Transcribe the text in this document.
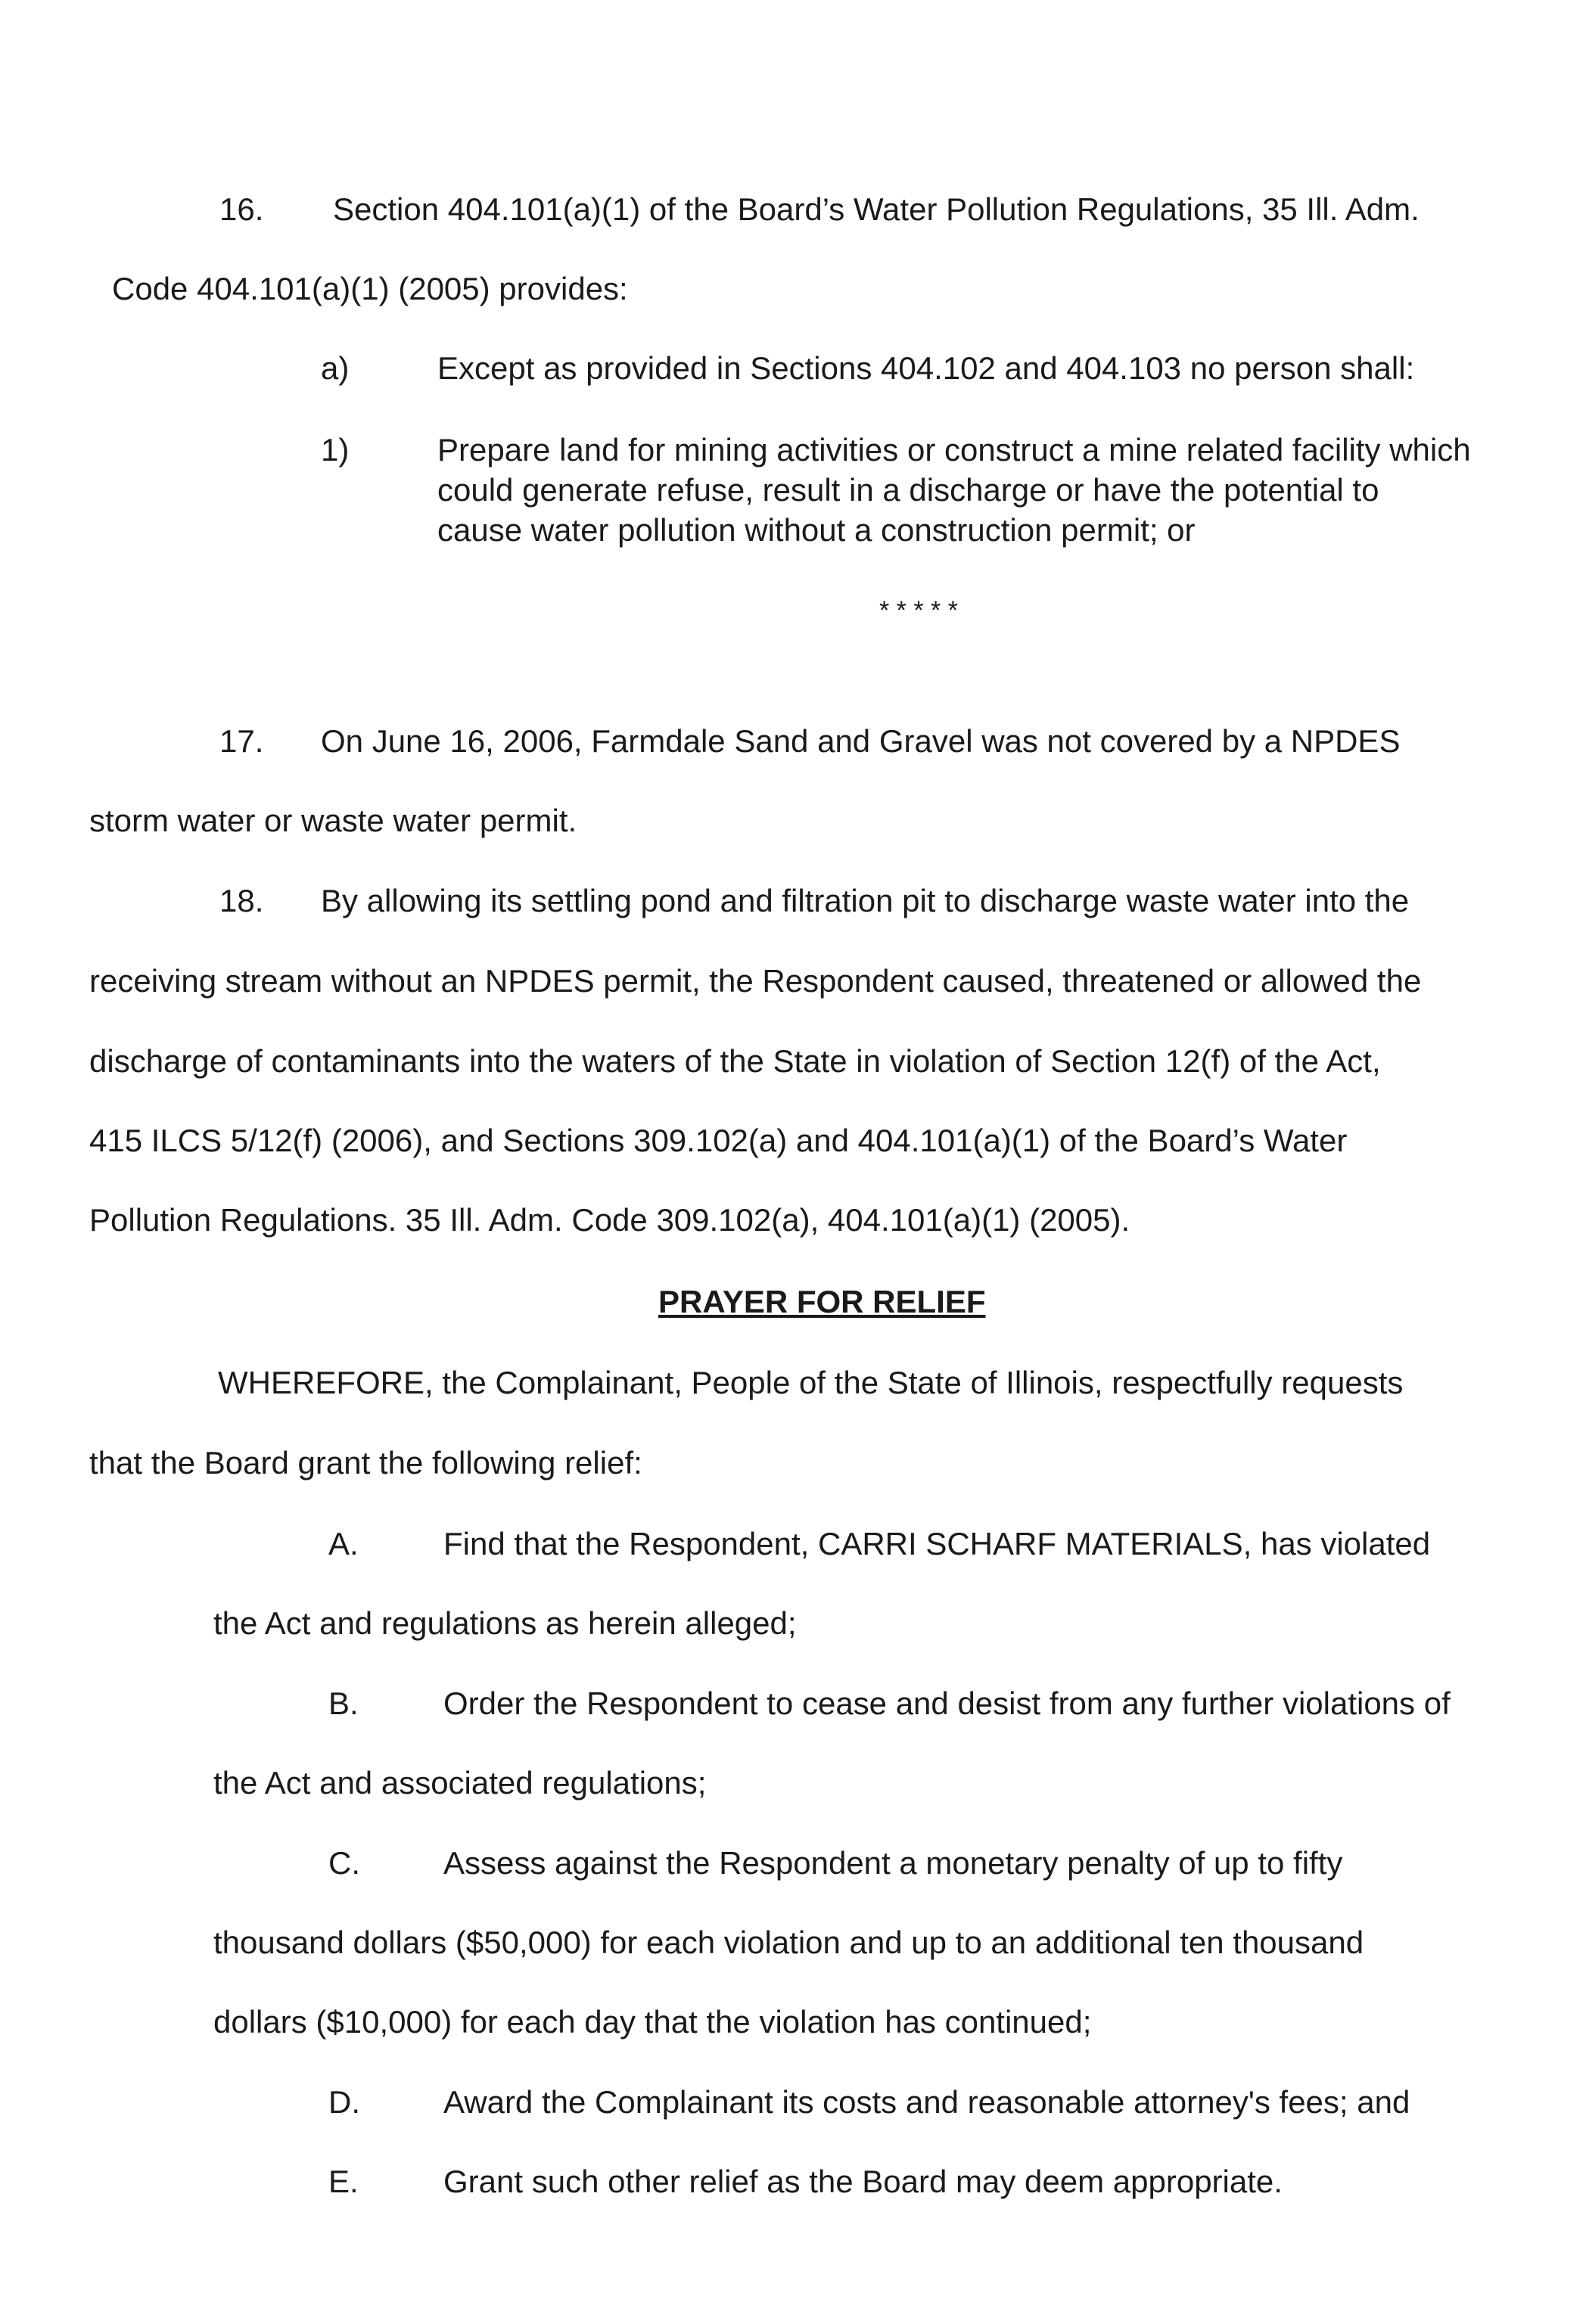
16. Section 404.101(a)(1) of the Board’s Water Pollution Regulations, 35 Ill. Adm.
Code 404.101(a)(1) (2005) provides:
a)	Except as provided in Sections 404.102 and 404.103 no person shall:
1)	Prepare land for mining activities or construct a mine related facility which
could generate refuse, result in a discharge or have the potential to
cause water pollution without a construction permit; or
* * * * *
17. On June 16, 2006, Farmdale Sand and Gravel was not covered by a NPDES
storm water or waste water permit.
18. By allowing its settling pond and filtration pit to discharge waste water into the
receiving stream without an NPDES permit, the Respondent caused, threatened or allowed the
discharge of contaminants into the waters of the State in violation of Section 12(f) of the Act,
415 ILCS 5/12(f) (2006), and Sections 309.102(a) and 404.101(a)(1) of the Board’s Water
Pollution Regulations. 35 Ill. Adm. Code 309.102(a), 404.101(a)(1) (2005).
PRAYER FOR RELIEF
WHEREFORE, the Complainant, People of the State of Illinois, respectfully requests
that the Board grant the following relief:
A.	Find that the Respondent, CARRI SCHARF MATERIALS, has violated
the Act and regulations as herein alleged;
B.	Order the Respondent to cease and desist from any further violations of
the Act and associated regulations;
C.	Assess against the Respondent a monetary penalty of up to fifty
thousand dollars ($50,000) for each violation and up to an additional ten thousand
dollars ($10,000) for each day that the violation has continued;
D.	Award the Complainant its costs and reasonable attorney's fees; and
E.	Grant such other relief as the Board may deem appropriate.
